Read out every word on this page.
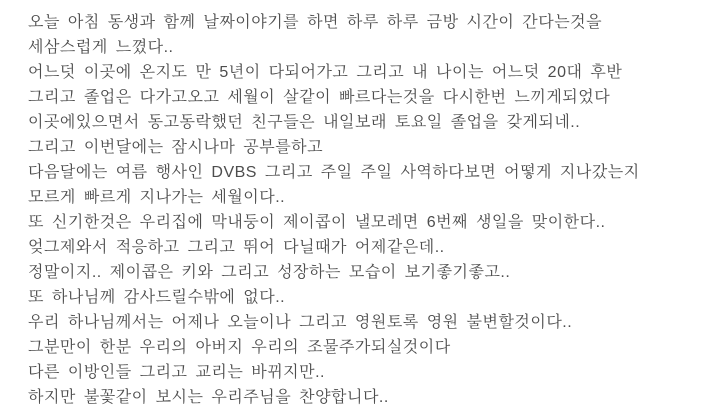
오늘 아침 동생과 함께 날짜이야기를 하면 하루 하루 금방 시간이 간다는것을
세삼스럽게 느꼈다..
어느덧 이곳에 온지도 만 5년이 다되어가고 그리고 내 나이는 어느덧 20대 후반
그리고 졸업은 다가고오고 세월이 살같이 빠르다는것을 다시한번 느끼게되었다
이곳에있으면서 동고동락했던 친구들은 내일보래 토요일 졸업을 갖게되네..
그리고 이번달에는 잠시나마 공부를하고
다음달에는 여름 행사인 DVBS 그리고 주일 주일 사역하다보면 어떻게 지나갔는지
모르게 빠르게 지나가는 세월이다..
또 신기한것은 우리집에 막내둥이 제이콥이 낼모레면 6번째 생일을 맞이한다..
엊그제와서 적응하고 그리고 뛰어 다닐때가 어제같은데..
정말이지.. 제이콥은 키와 그리고 성장하는 모습이 보기좋기좋고..
또 하나님께 감사드릴수밖에 없다..
우리 하나님께서는 어제나 오늘이나 그리고 영원토록 영원 불변할것이다..
그분만이 한분 우리의 아버지 우리의 조물주가되실것이다
다른 이방인들 그리고 교리는 바뀌지만..
하지만 불꽃같이 보시는 우리주님을 찬양합니다..
